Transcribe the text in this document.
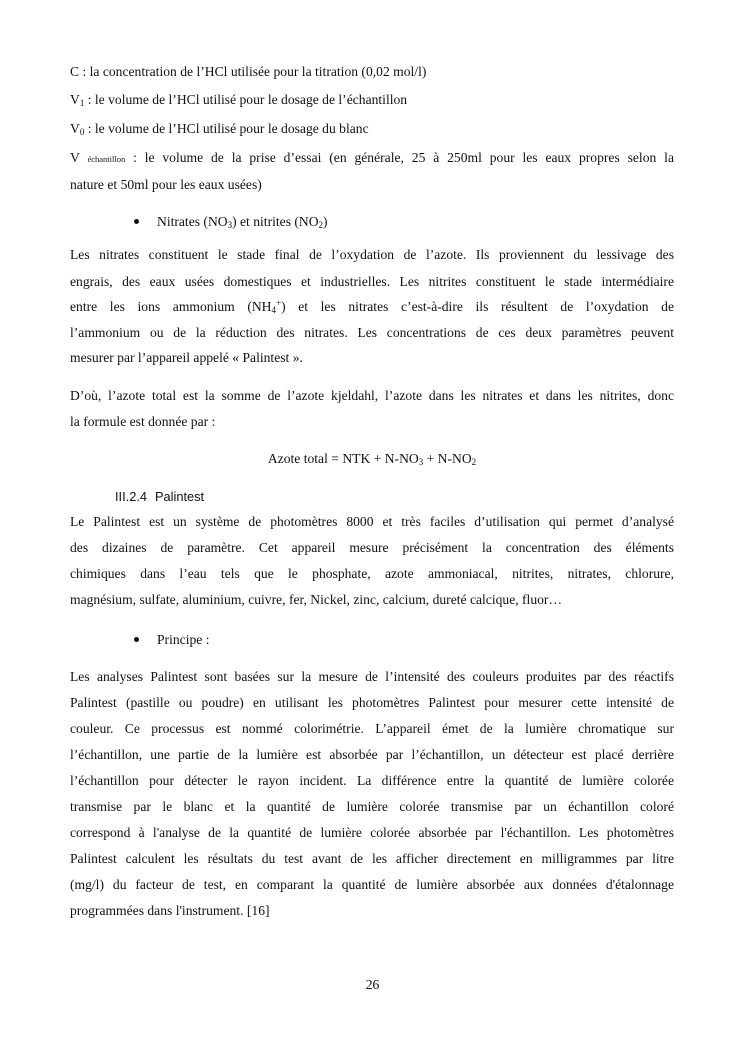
C : la concentration de l’HCl utilisée pour la titration (0,02 mol/l)
$V_1$ : le volume de l’HCl utilisé pour le dosage de l’échantillon
$V_0$ : le volume de l’HCl utilisé pour le dosage du blanc
V échantillon : le volume de la prise d’essai (en générale, 25 à 250ml pour les eaux propres selon la
nature et 50ml pour les eaux usées)
Nitrates $(NO_3)$ et nitrites $(NO_2)$
Les nitrates constituent le stade final de l’oxydation de l’azote. Ils proviennent du lessivage des
engrais, des eaux usées domestiques et industrielles. Les nitrites constituent le stade intermédiaire
entre les ions ammonium $(NH_4^+)$ et les nitrates c’est-à-dire ils résultent de l’oxydation de
l’ammonium ou de la réduction des nitrates. Les concentrations de ces deux paramètres peuvent
mesurer par l’appareil appelé « Palintest ».
D’où, l’azote total est la somme de l’azote kjeldahl, l’azote dans les nitrates et dans les nitrites, donc
la formule est donnée par :
Azote total = NTK + $N-NO_3 + N-NO_2$
III.2.4 Palintest
Principe :
26
Le Palintest est un système de photomètres 8000 et très faciles d’utilisation qui permet d’analysé
des dizaines de paramètre. Cet appareil mesure précisément la concentration des éléments
chimiques dans l’eau tels que le phosphate, azote ammoniacal, nitrites, nitrates, chlorure,
magnésium, sulfate, aluminium, cuivre, fer, Nickel, zinc, calcium, dureté calcique, fluor…
Les analyses Palintest sont basées sur la mesure de l’intensité des couleurs produites par des réactifs
Palintest (pastille ou poudre) en utilisant les photomètres Palintest pour mesurer cette intensité de
couleur. Ce processus est nommé colorimétrie. L’appareil émet de la lumière chromatique sur
l’échantillon, une partie de la lumière est absorbée par l’échantillon, un détecteur est placé derrière
l’échantillon pour détecter le rayon incident. La différence entre la quantité de lumière colorée
transmise par le blanc et la quantité de lumière colorée transmise par un échantillon coloré
correspond à l'analyse de la quantité de lumière colorée absorbée par l'échantillon. Les photomètres
Palintest calculent les résultats du test avant de les afficher directement en milligrammes par litre
(mg/l) du facteur de test, en comparant la quantité de lumière absorbée aux données d'étalonnage
programmées dans l'instrument. [16]
